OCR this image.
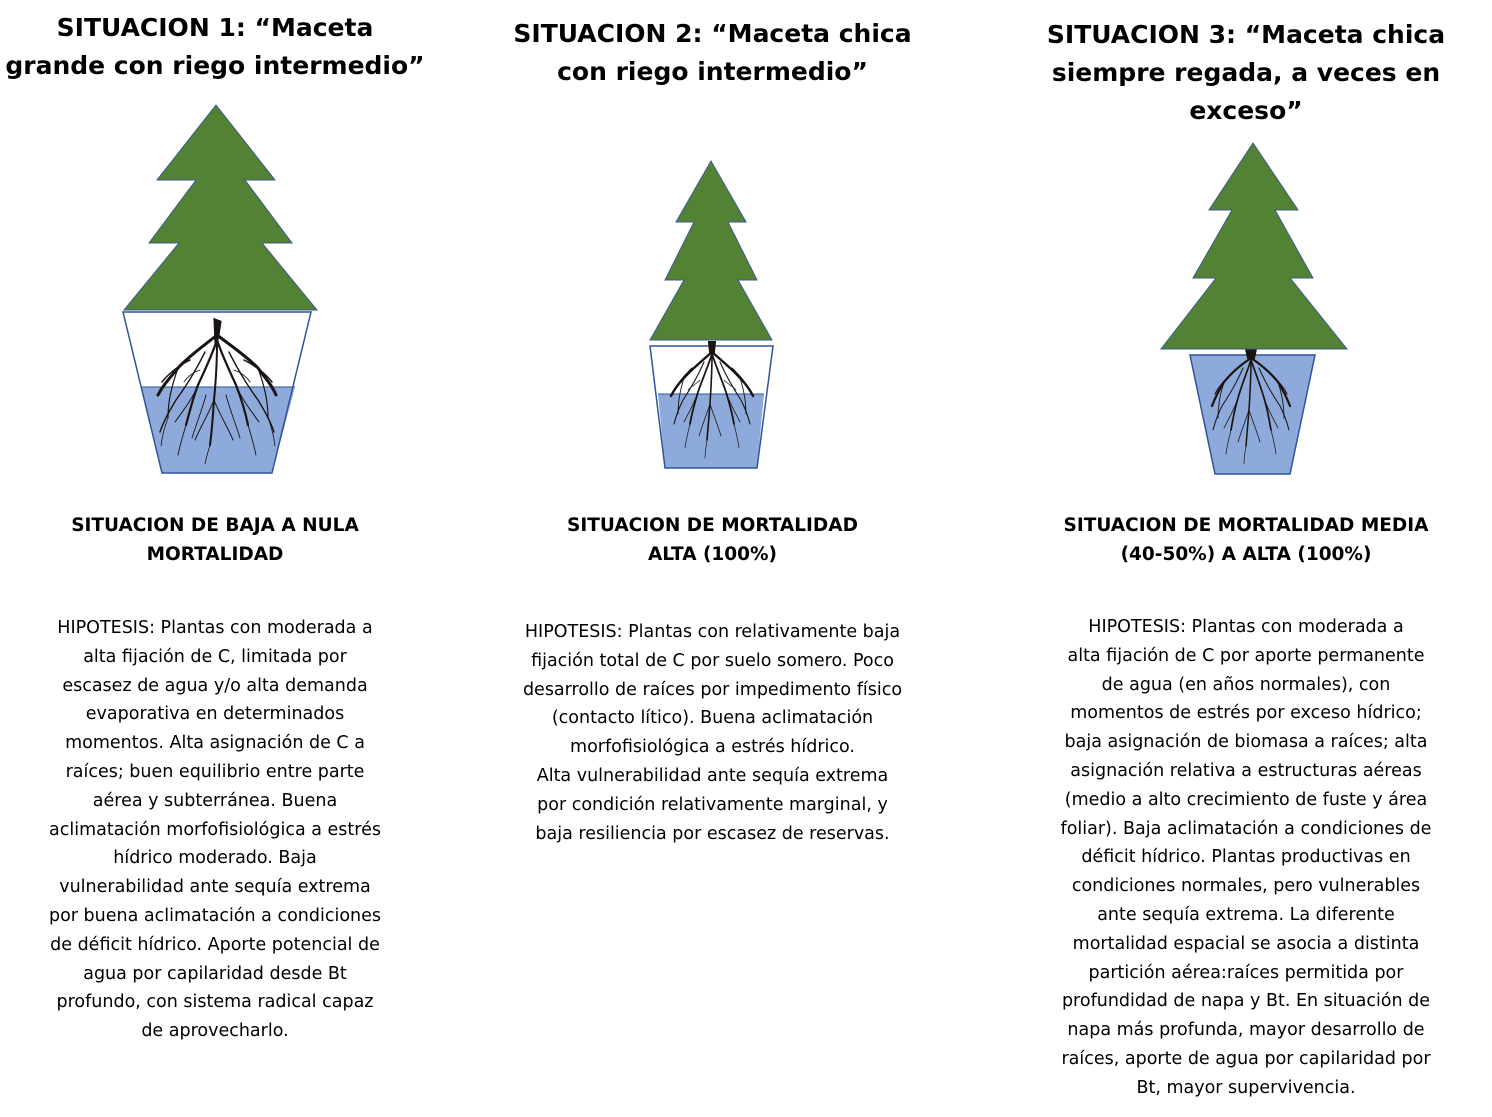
SITUACION 1: “Maceta
grande con riego intermedio”
SITUACION DE BAJA A NULA
MORTALIDAD
HIPOTESIS: Plantas con moderada a
alta fijación de C, limitada por
escasez de agua y/o alta demanda
evaporativa en determinados
momentos. Alta asignación de C a
raíces; buen equilibrio entre parte
aérea y subterránea. Buena
aclimatación morfofisiológica a estrés
hídrico moderado. Baja
vulnerabilidad ante sequía extrema
por buena aclimatación a condiciones
de déficit hídrico. Aporte potencial de
agua por capilaridad desde Bt
profundo, con sistema radical capaz
de aprovecharlo.
SITUACION 2: “Maceta chica
con riego intermedio”
SITUACION DE MORTALIDAD
ALTA (100%)
HIPOTESIS: Plantas con relativamente baja
fijación total de C por suelo somero. Poco
desarrollo de raíces por impedimento físico
(contacto lítico). Buena aclimatación
morfofisiológica a estrés hídrico.
Alta vulnerabilidad ante sequía extrema
por condición relativamente marginal, y
baja resiliencia por escasez de reservas.
SITUACION 3: “Maceta chica
siempre regada, a veces en exceso”
SITUACION DE MORTALIDAD MEDIA
(40-50%) A ALTA (100%)
HIPOTESIS: Plantas con moderada a
alta fijación de C por aporte permanente
de agua (en años normales), con
momentos de estrés por exceso hídrico;
baja asignación de biomasa a raíces; alta
asignación relativa a estructuras aéreas
(medio a alto crecimiento de fuste y área
foliar). Baja aclimatación a condiciones de
déficit hídrico. Plantas productivas en
condiciones normales, pero vulnerables
ante sequía extrema. La diferente
mortalidad espacial se asocia a distinta
partición aérea:raíces permitida por
profundidad de napa y Bt. En situación de
napa más profunda, mayor desarrollo de
raíces, aporte de agua por capilaridad por
Bt, mayor supervivencia.
